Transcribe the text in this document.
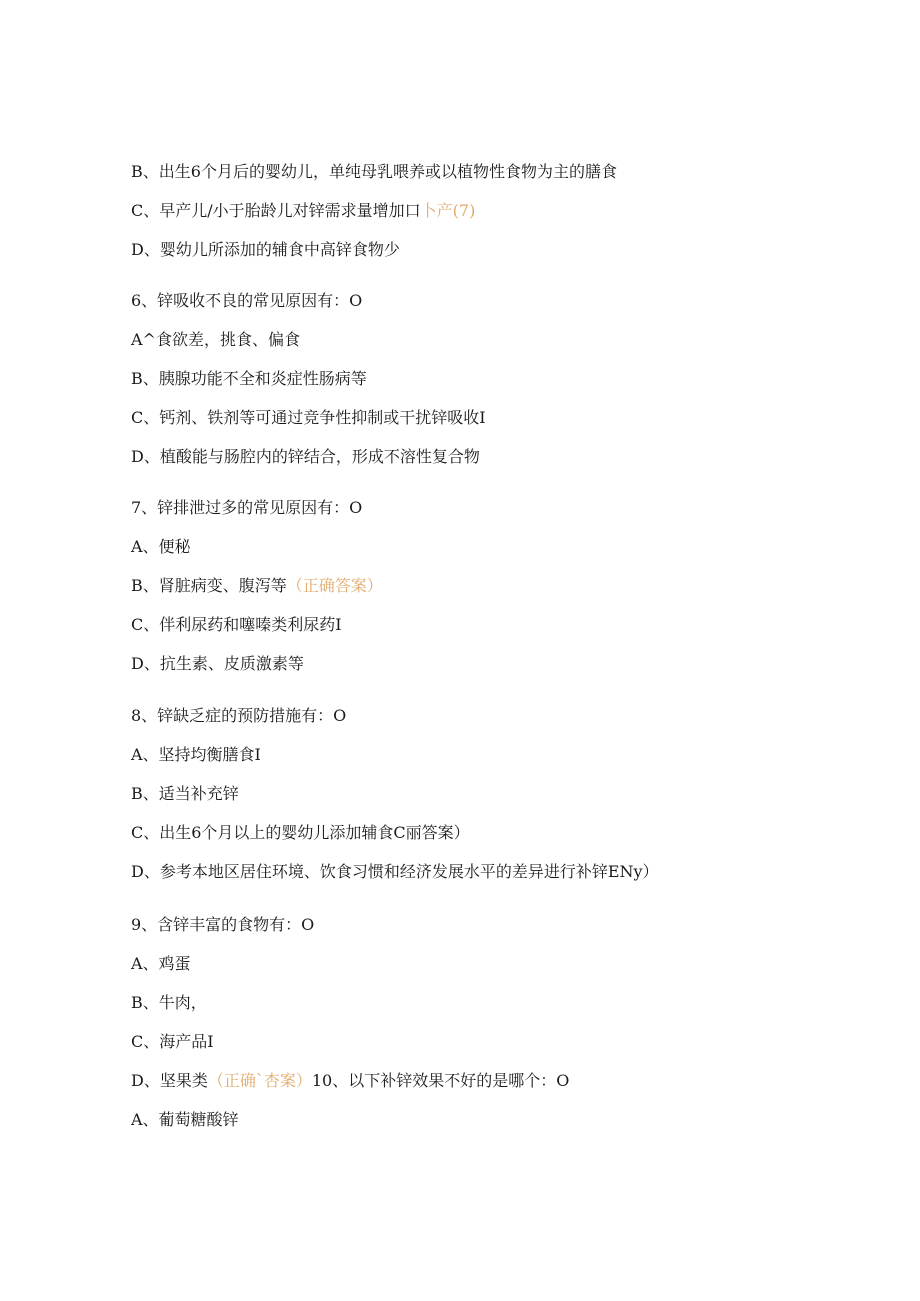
B、出生6个月后的婴幼儿，单纯母乳喂养或以植物性食物为主的膳食
C、早产儿/小于胎龄儿对锌需求量增加口卜产(7)
D、婴幼儿所添加的辅食中高锌食物少
6、锌吸收不良的常见原因有：O
A^食欲差，挑食、偏食
B、胰腺功能不全和炎症性肠病等
C、钙剂、铁剂等可通过竞争性抑制或干扰锌吸收I
D、植酸能与肠腔内的锌结合，形成不溶性复合物
7、锌排泄过多的常见原因有：O
A、便秘
B、肾脏病变、腹泻等（正确答案）
C、伴利尿药和噻嗪类利尿药I
D、抗生素、皮质激素等
8、锌缺乏症的预防措施有：O
A、坚持均衡膳食I
B、适当补充锌
C、出生6个月以上的婴幼儿添加辅食C丽答案）
D、参考本地区居住环境、饮食习惯和经济发展水平的差异进行补锌ENy）
9、含锌丰富的食物有：O
A、鸡蛋
B、牛肉，
C、海产品I
D、坚果类（正确`杏案）10、以下补锌效果不好的是哪个：O
A、葡萄糖酸锌
